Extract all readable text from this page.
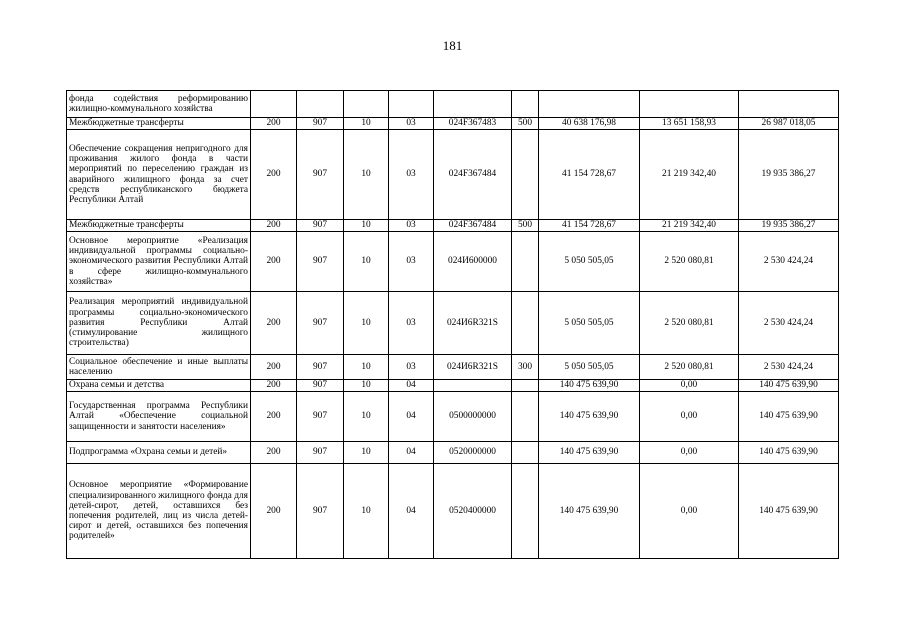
181
фонда содействия реформированию жилищно-коммунального хозяйства									
Межбюджетные трансферты	200	907	10	03	024F367483	500	40 638 176,98	13 651 158,93	26 987 018,05
Обеспечение сокращения непригодного для проживания жилого фонда в части мероприятий по переселению граждан из аварийного жилищного фонда за счет средств республиканского бюджета Республики Алтай	200	907	10	03	024F367484		41 154 728,67	21 219 342,40	19 935 386,27
Межбюджетные трансферты	200	907	10	03	024F367484	500	41 154 728,67	21 219 342,40	19 935 386,27
Основное мероприятие «Реализация индивидуальной программы социально-экономического развития Республики Алтай в сфере жилищно-коммунального хозяйства»	200	907	10	03	024И600000		5 050 505,05	2 520 080,81	2 530 424,24
Реализация мероприятий индивидуальной программы социально-экономического развития Республики Алтай (стимулирование жилищного строительства)	200	907	10	03	024И6R321S		5 050 505,05	2 520 080,81	2 530 424,24
Социальное обеспечение и иные выплаты населению	200	907	10	03	024И6R321S	300	5 050 505,05	2 520 080,81	2 530 424,24
Охрана семьи и детства	200	907	10	04			140 475 639,90	0,00	140 475 639,90
Государственная программа Республики Алтай «Обеспечение социальной защищенности и занятости населения»	200	907	10	04	0500000000		140 475 639,90	0,00	140 475 639,90
Подпрограмма «Охрана семьи и детей»	200	907	10	04	0520000000		140 475 639,90	0,00	140 475 639,90
Основное мероприятие «Формирование специализированного жилищного фонда для детей-сирот, детей, оставшихся без попечения родителей, лиц из числа детей-сирот и детей, оставшихся без попечения родителей»	200	907	10	04	0520400000		140 475 639,90	0,00	140 475 639,90
